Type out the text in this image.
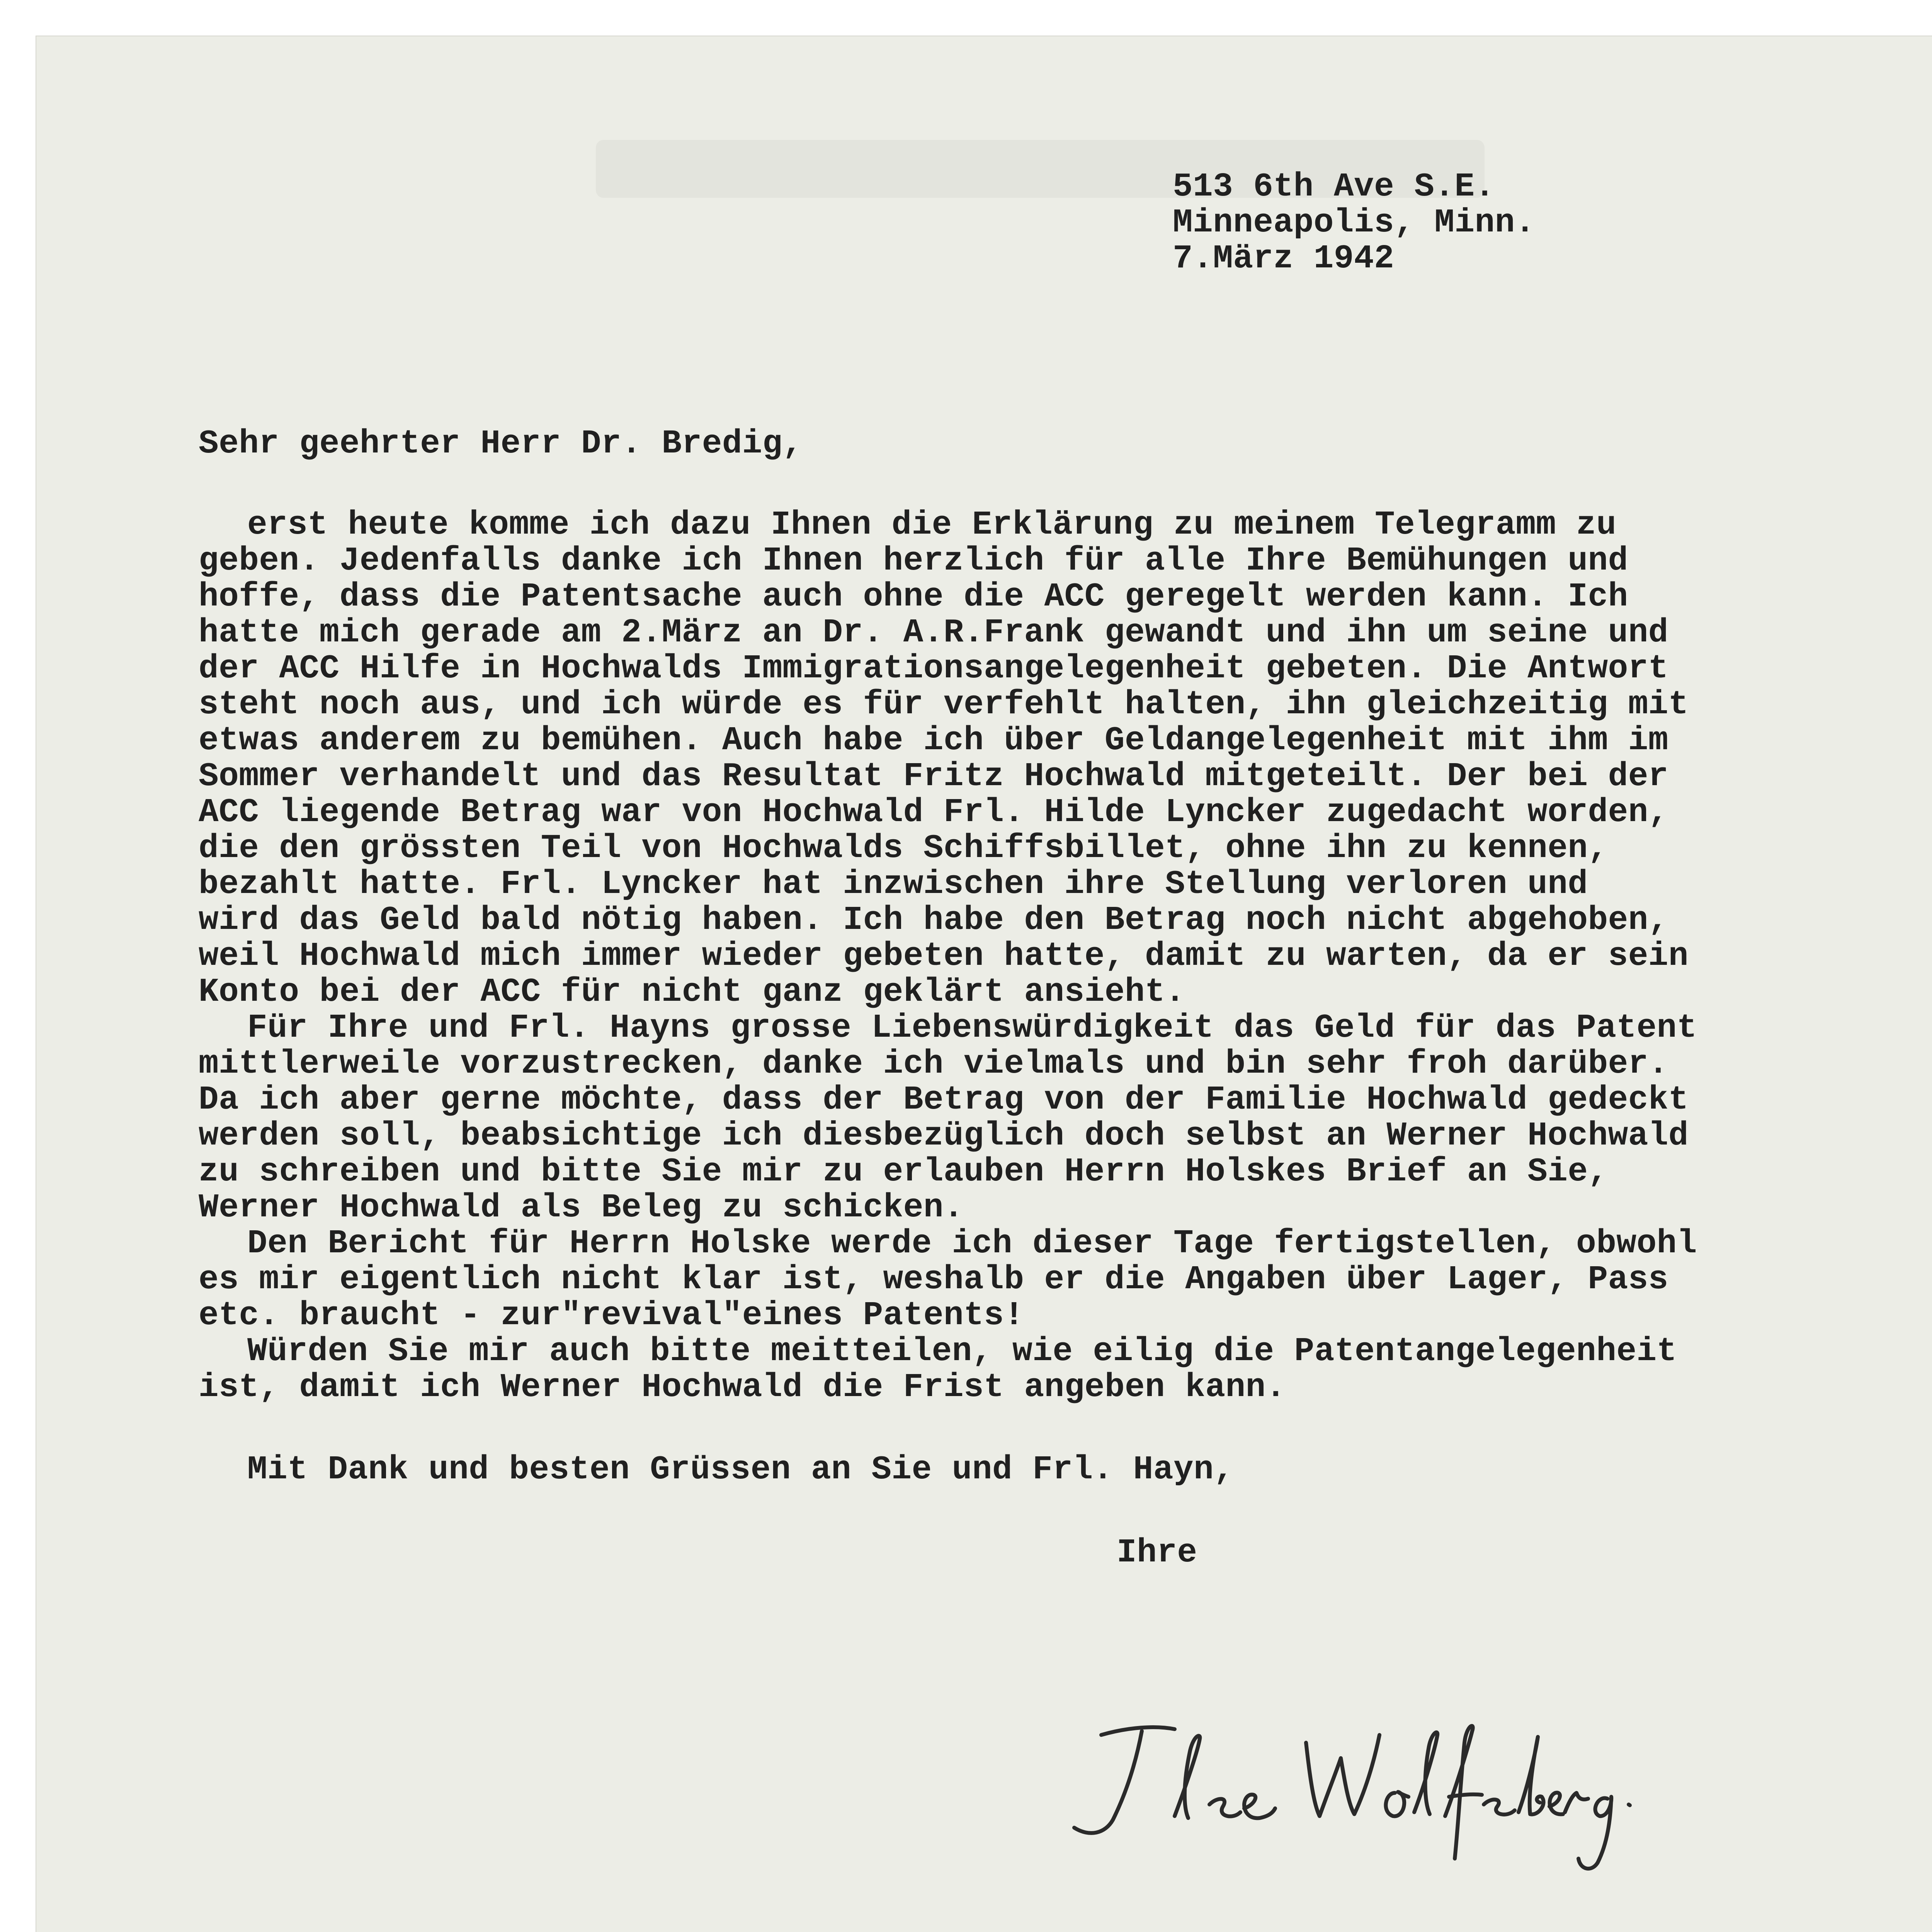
513 6th Ave S.E.
Minneapolis, Minn.
7.März 1942
Sehr geehrter Herr Dr. Bredig,
erst heute komme ich dazu Ihnen die Erklärung zu meinem Telegramm zu
geben. Jedenfalls danke ich Ihnen herzlich für alle Ihre Bemühungen und
hoffe, dass die Patentsache auch ohne die ACC geregelt werden kann. Ich
hatte mich gerade am 2.März an Dr. A.R.Frank gewandt und ihn um seine und
der ACC Hilfe in Hochwalds Immigrationsangelegenheit gebeten. Die Antwort
steht noch aus, und ich würde es für verfehlt halten, ihn gleichzeitig mit
etwas anderem zu bemühen. Auch habe ich über Geldangelegenheit mit ihm im
Sommer verhandelt und das Resultat Fritz Hochwald mitgeteilt. Der bei der
ACC liegende Betrag war von Hochwald Frl. Hilde Lyncker zugedacht worden,
die den grössten Teil von Hochwalds Schiffsbillet, ohne ihn zu kennen,
bezahlt hatte. Frl. Lyncker hat inzwischen ihre Stellung verloren und
wird das Geld bald nötig haben. Ich habe den Betrag noch nicht abgehoben,
weil Hochwald mich immer wieder gebeten hatte, damit zu warten, da er sein
Konto bei der ACC für nicht ganz geklärt ansieht.
Für Ihre und Frl. Hayns grosse Liebenswürdigkeit das Geld für das Patent
mittlerweile vorzustrecken, danke ich vielmals und bin sehr froh darüber.
Da ich aber gerne möchte, dass der Betrag von der Familie Hochwald gedeckt
werden soll, beabsichtige ich diesbezüglich doch selbst an Werner Hochwald
zu schreiben und bitte Sie mir zu erlauben Herrn Holskes Brief an Sie,
Werner Hochwald als Beleg zu schicken.
Den Bericht für Herrn Holske werde ich dieser Tage fertigstellen, obwohl
es mir eigentlich nicht klar ist, weshalb er die Angaben über Lager, Pass
etc. braucht - zur"revival"eines Patents!
Würden Sie mir auch bitte meitteilen, wie eilig die Patentangelegenheit
ist, damit ich Werner Hochwald die Frist angeben kann.
Mit Dank und besten Grüssen an Sie und Frl. Hayn,
Ihre
